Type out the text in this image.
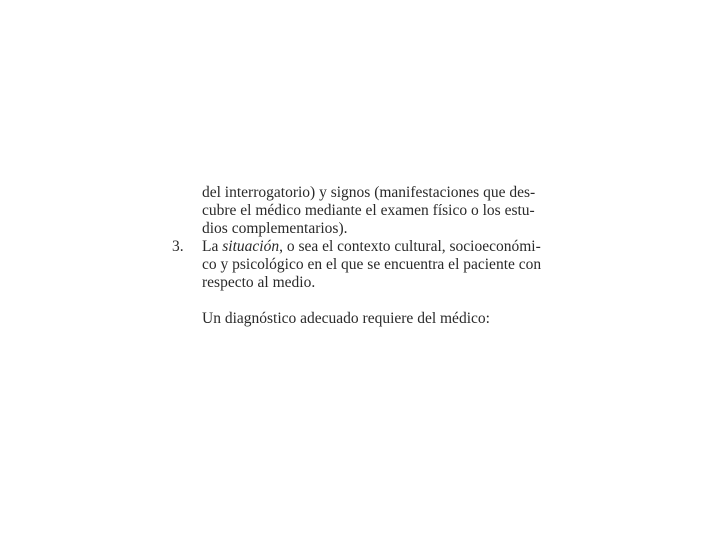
del interrogatorio) y signos (manifestaciones que des-
cubre el médico mediante el examen físico o los estu-
dios complementarios).
3. La situación, o sea el contexto cultural, socioeconómi-
co y psicológico en el que se encuentra el paciente con
respecto al medio.
Un diagnóstico adecuado requiere del médico:
